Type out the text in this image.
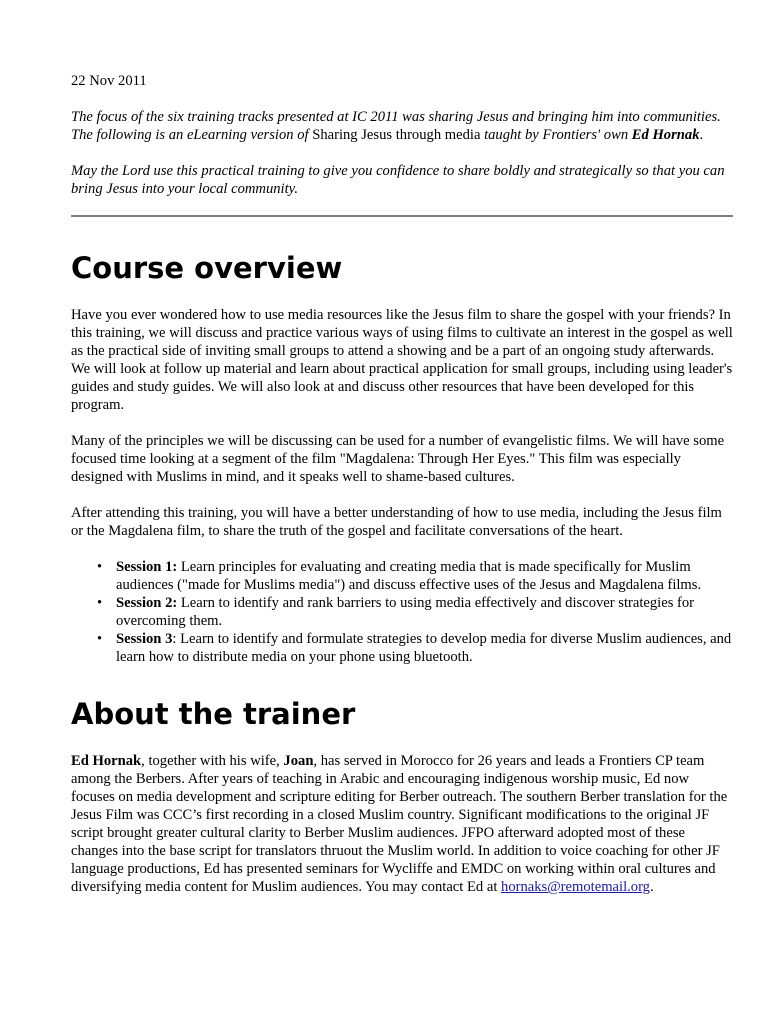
22 Nov 2011

The focus of the six training tracks presented at IC 2011 was sharing Jesus and bringing him into communities. The following is an eLearning version of Sharing Jesus through media taught by Frontiers' own Ed Hornak.

May the Lord use this practical training to give you confidence to share boldly and strategically so that you can bring Jesus into your local community.

Course overview

Have you ever wondered how to use media resources like the Jesus film to share the gospel with your friends? In this training, we will discuss and practice various ways of using films to cultivate an interest in the gospel as well as the practical side of inviting small groups to attend a showing and be a part of an ongoing study afterwards. We will look at follow up material and learn about practical application for small groups, including using leader's guides and study guides. We will also look at and discuss other resources that have been developed for this program.

Many of the principles we will be discussing can be used for a number of evangelistic films. We will have some focused time looking at a segment of the film "Magdalena: Through Her Eyes." This film was especially designed with Muslims in mind, and it speaks well to shame-based cultures.

After attending this training, you will have a better understanding of how to use media, including the Jesus film or the Magdalena film, to share the truth of the gospel and facilitate conversations of the heart.

• Session 1: Learn principles for evaluating and creating media that is made specifically for Muslim audiences ("made for Muslims media") and discuss effective uses of the Jesus and Magdalena films.
• Session 2: Learn to identify and rank barriers to using media effectively and discover strategies for overcoming them.
• Session 3: Learn to identify and formulate strategies to develop media for diverse Muslim audiences, and learn how to distribute media on your phone using bluetooth.
About the trainer

Ed Hornak, together with his wife, Joan, has served in Morocco for 26 years and leads a Frontiers CP team among the Berbers. After years of teaching in Arabic and encouraging indigenous worship music, Ed now focuses on media development and scripture editing for Berber outreach. The southern Berber translation for the Jesus Film was CCC’s first recording in a closed Muslim country. Significant modifications to the original JF script brought greater cultural clarity to Berber Muslim audiences. JFPO afterward adopted most of these changes into the base script for translators thruout the Muslim world. In addition to voice coaching for other JF language productions, Ed has presented seminars for Wycliffe and EMDC on working within oral cultures and diversifying media content for Muslim audiences. You may contact Ed at hornaks@remotemail.org.
